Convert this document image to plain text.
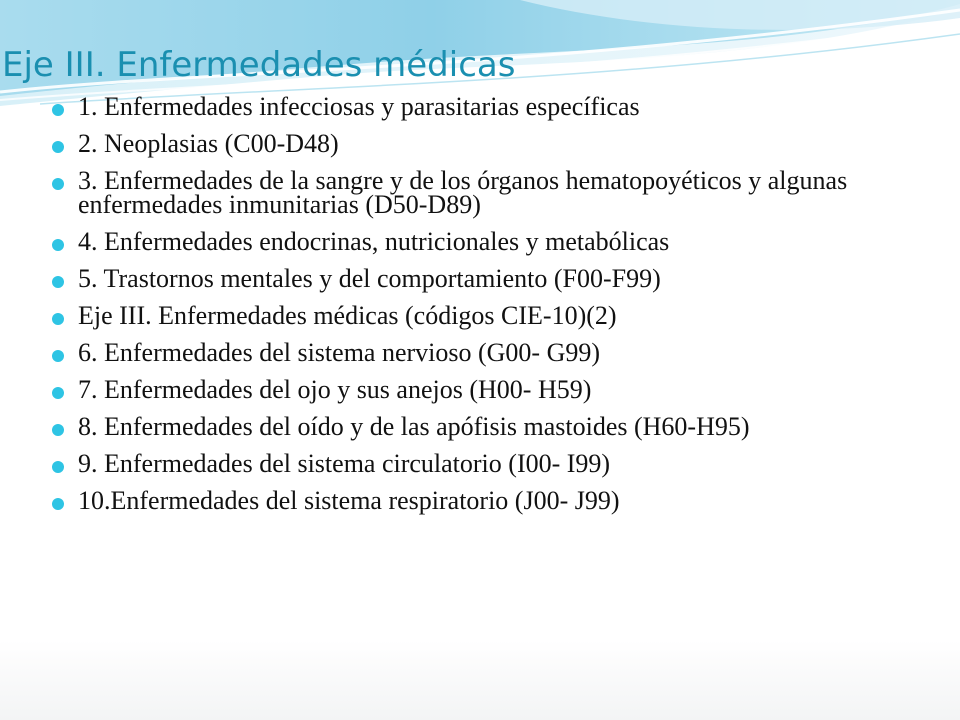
Eje III. Enfermedades médicas
1. Enfermedades infecciosas y parasitarias específicas
2. Neoplasias (C00-D48)
3. Enfermedades de la sangre y de los órganos hematopoyéticos y algunas enfermedades inmunitarias (D50-D89)
4. Enfermedades endocrinas, nutricionales y metabólicas
5. Trastornos mentales y del comportamiento (F00-F99)
Eje III. Enfermedades médicas (códigos CIE-10)(2)
6. Enfermedades del sistema nervioso (G00- G99)
7. Enfermedades del ojo y sus anejos (H00- H59)
8. Enfermedades del oído y de las apófisis mastoides (H60-H95)
9. Enfermedades del sistema circulatorio (I00- I99)
10.Enfermedades del sistema respiratorio (J00- J99)
